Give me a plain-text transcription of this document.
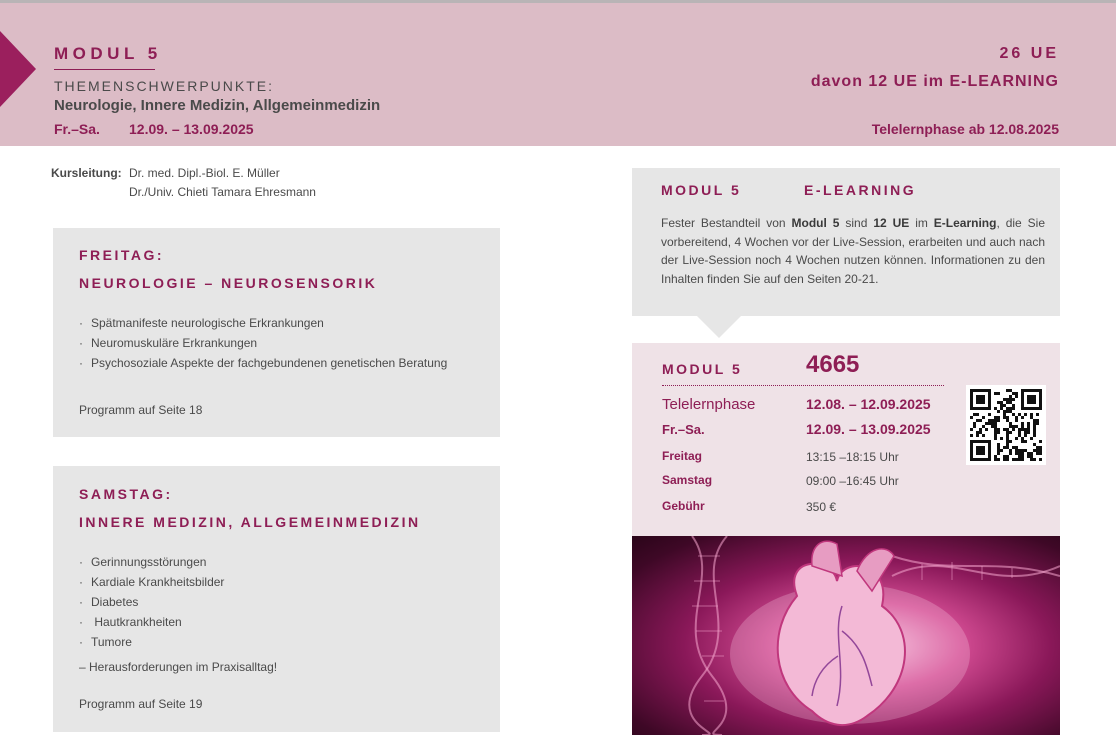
MODUL 5
THEMENSCHWERPUNKTE:
Neurologie, Innere Medizin, Allgemeinmedizin
Fr.–Sa. 12.09. – 13.09.2025
26 UE
davon 12 UE im E-LEARNING
Telelernphase ab 12.08.2025
Kursleitung: Dr. med. Dipl.-Biol. E. Müller
Dr./Univ. Chieti Tamara Ehresmann
FREITAG:
NEUROLOGIE – NEUROSENSORIK
· Spätmanifeste neurologische Erkrankungen
· Neuromuskuläre Erkrankungen
· Psychosoziale Aspekte der fachgebundenen genetischen Beratung
Programm auf Seite 18
SAMSTAG:
INNERE MEDIZIN, ALLGEMEINMEDIZIN
· Gerinnungsstörungen
· Kardiale Krankheitsbilder
· Diabetes
· Hautkrankheiten
· Tumore
– Herausforderungen im Praxisalltag!
Programm auf Seite 19
MODUL 5	E-LEARNING
Fester Bestandteil von Modul 5 sind 12 UE im E-Learning, die Sie vorbereitend, 4 Wochen vor der Live-Session, erarbeiten und auch nach der Live-Session noch 4 Wochen nutzen können. Informationen zu den Inhalten finden Sie auf den Seiten 20-21.
MODUL 5	4665
Telelernphase	12.08. – 12.09.2025
Fr.–Sa.	12.09. – 13.09.2025
Freitag	13:15 –18:15 Uhr
Samstag	09:00 –16:45 Uhr
Gebühr	350 €
